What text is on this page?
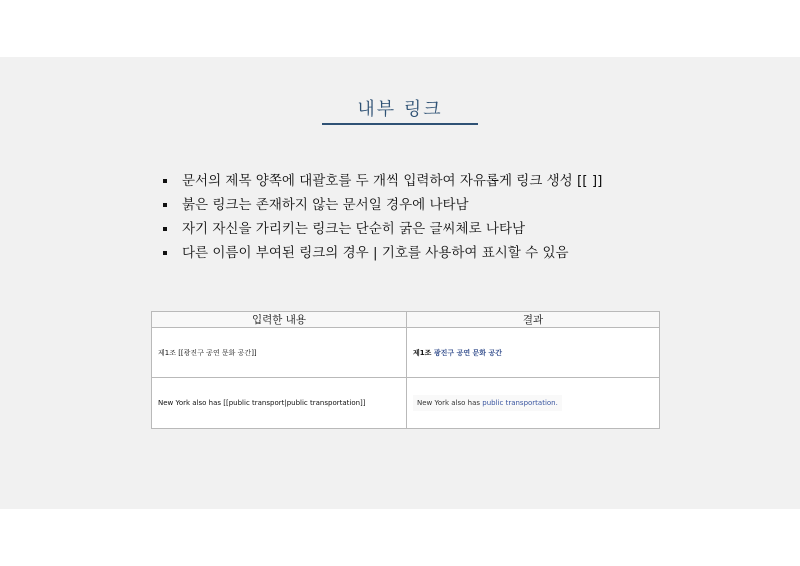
내부 링크
문서의 제목 양쪽에 대괄호를 두 개씩 입력하여 자유롭게 링크 생성 [[ ]]
붉은 링크는 존재하지 않는 문서일 경우에 나타남
자기 자신을 가리키는 링크는 단순히 굵은 글씨체로 나타남
다른 이름이 부여된 링크의 경우 | 기호를 사용하여 표시할 수 있음
입력한 내용	결과
제1조 [[광진구 공연 문화 공간]]	제1조 광진구 공연 문화 공간
New York also has [[public transport|public transportation]]	New York also has public transportation.
